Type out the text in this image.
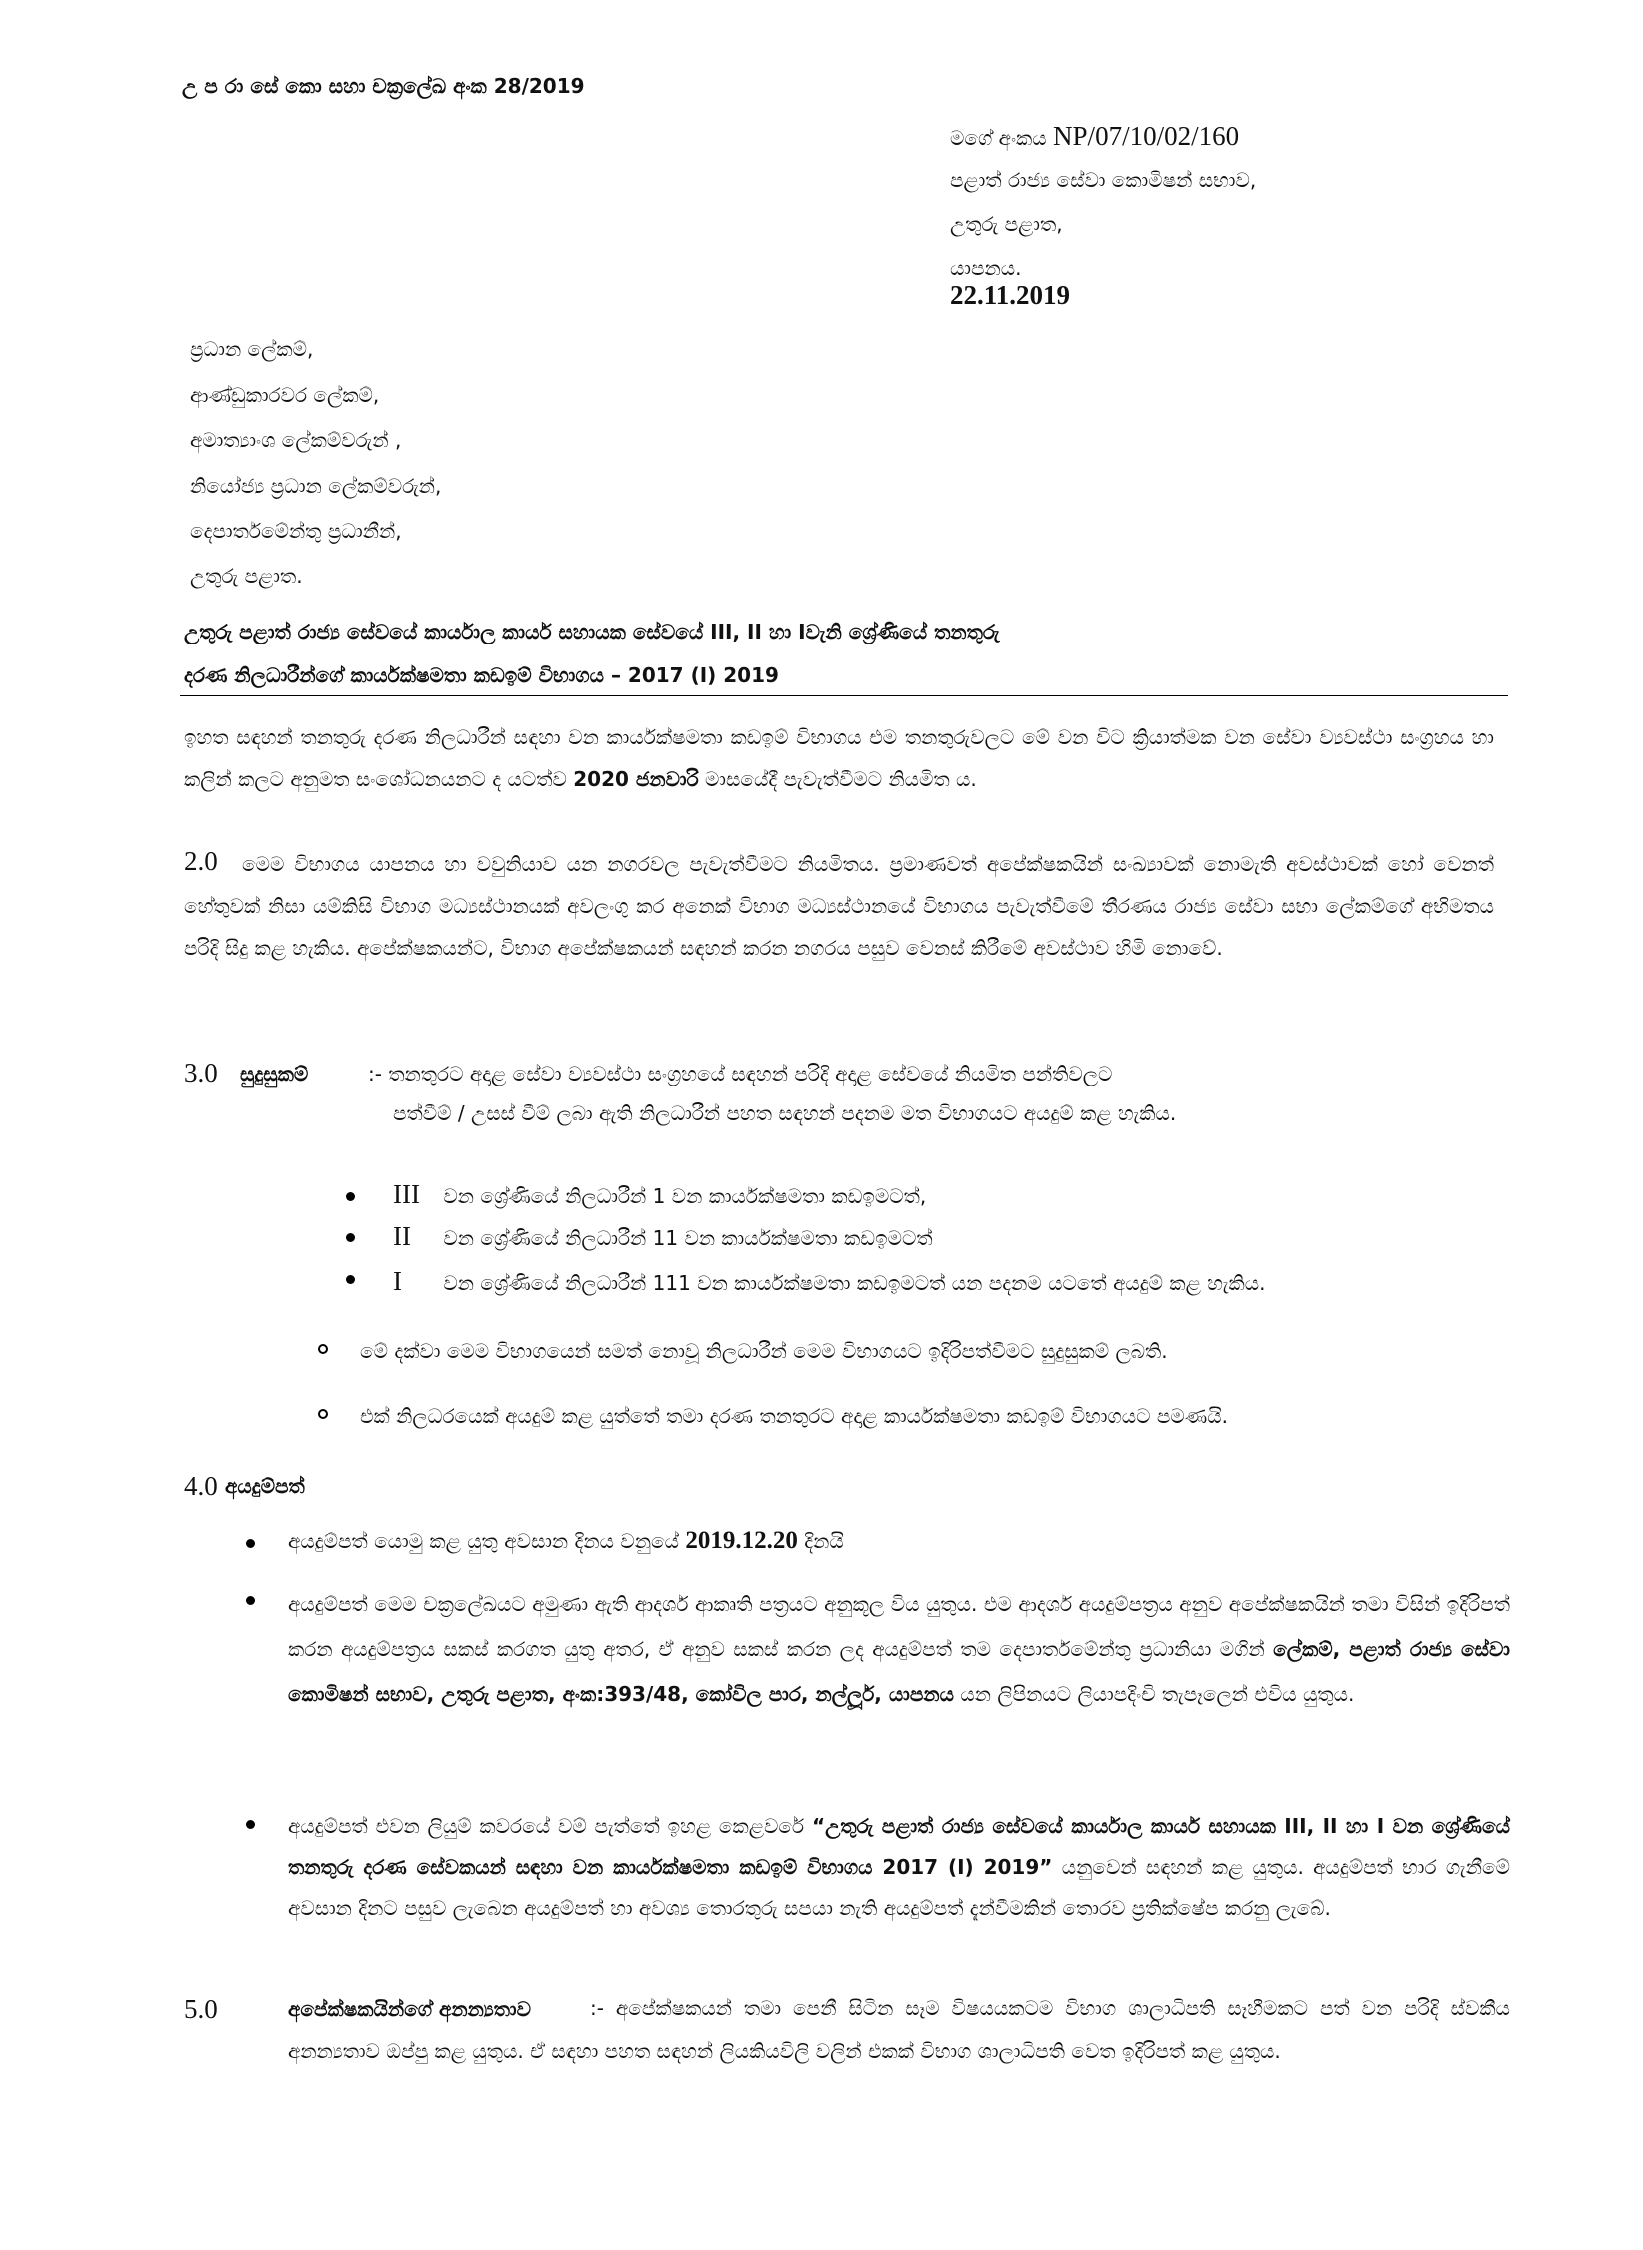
උ ප රා සේ කො සහා චක්‍රලේඛ අංක 28/2019
මගේ අංකය NP/07/10/02/160
පළාත් රාජ්‍ය සේවා කොමිෂන් සභාව,
උතුරු පළාත,
යාපනය.
22.11.2019
ප්‍රධාන ලේකම්,
ආණ්ඩුකාරවර ලේකම්,
අමාත්‍යාංශ ලේකම්වරුන් ,
නියෝජ්‍ය ප්‍රධාන ලේකම්වරුන්,
දෙපාර්තමේන්තු ප්‍රධානීන්,
උතුරු පළාත.
උතුරු පළාත් රාජ්‍ය සේවයේ කාර්යාල කාර්ය සහායක සේවයේ III, II හා Iවැනි ශ්‍රේණියේ තනතුරු
දරණ නිලධාරීන්ගේ කාර්යක්ෂමතා කඩඉම් විභාගය – 2017 (I) 2019
ඉහත සඳහන් තනතුරු දරණ නිලධාරීන් සඳහා වන කාර්යක්ෂමතා කඩඉම් විභාගය එම තනතුරුවලට මේ වන විට ක්‍රියාත්මක වන සේවා ව්‍යවස්ථා සංග්‍රහය හා කලින් කලට අනුමත සංශෝධනයනට ද යටත්ව 2020 ජනවාරි මාසයේදී පැවැත්වීමට නියමිත ය.
2.0	මෙම විභාගය යාපනය හා වවුනියාව යන නගරවල පැවැත්වීමට නියමිතය. ප්‍රමාණවත් අපේක්ෂකයින් සංඛ්‍යාවක් නොමැති අවස්ථාවක් හෝ වෙනත් හේතුවක් නිසා යම්කිසි විභාග මධ්‍යස්ථානයක් අවලංගු කර අනෙක් විභාග මධ්‍යස්ථානයේ විභාගය පැවැත්වීමේ තීරණය රාජ්‍ය සේවා සභා ලේකම්ගේ අභිමතය පරිදි සිදු කළ හැකිය. අපේක්ෂකයන්ට, විභාග අපේක්ෂකයන් සඳහන් කරන නගරය පසුව වෙනස් කිරීමේ අවස්ථාව හිමි නොවේ.
3.0 සුදුසුකම්	:- තනතුරට අදාළ සේවා ව්‍යවස්ථා සංග්‍රහයේ සඳහන් පරිදි අදාළ සේවයේ නියමිත පන්තිවලට
පත්වීම් / උසස් වීම් ලබා ඇති නිලධාරීන් පහත සඳහන් පදනම මත විභාගයට අයදුම් කළ හැකිය.
III වන ශ්‍රේණියේ නිලධාරීන් 1 වන කාර්යක්ෂමතා කඩඉමටත්,
II වන ශ්‍රේණියේ නිලධාරීන් 11 වන කාර්යක්ෂමතා කඩඉමටත්
I වන ශ්‍රේණියේ නිලධාරීන් 111 වන කාර්යක්ෂමතා කඩඉමටත් යන පදනම යටතේ අයදුම් කළ හැකිය.
මේ දක්වා මෙම විභාගයෙන් සමත් නොවූ නිලධාරීන් මෙම විභාගයට ඉදිරිපත්වීමට සුදුසුකම් ලබති.
එක් නිලධරයෙක් අයදුම් කළ යුත්තේ තමා දරණ තනතුරට අදාළ කාර්යක්ෂමතා කඩඉම් විභාගයට පමණයි.
4.0 අයදුම්පත්
අයදුම්පත් යොමු කළ යුතු අවසාන දිනය වනුයේ 2019.12.20 දිනයි
අයදුම්පත් මෙම චක්‍රලේඛයට අමුණා ඇති ආදර්ශ ආකෘති පත්‍රයට අනුකූල විය යුතුය. එම ආදර්ශ අයදුම්පත්‍රය අනුව අපේක්ෂකයින් තමා විසින් ඉදිරිපත් කරන අයදුම්පත්‍රය සකස් කරගත යුතු අතර, ඒ අනුව සකස් කරන ලද අයදුම්පත් තම දෙපාර්තමේන්තු ප්‍රධානියා මගින් ලේකම්, පළාත් රාජ්‍ය සේවා කොමිෂන් සභාව, උතුරු පළාත, අංක:393/48, කෝවිල පාර, නල්ලූර්, යාපනය යන ලිපිනයට ලියාපදිංචි තැපෑලෙන් එවිය යුතුය.
අයදුම්පත් එවන ලියුම් කවරයේ වම් පැත්තේ ඉහළ කෙළවරේ “උතුරු පළාත් රාජ්‍ය සේවයේ කාර්යාල කාර්ය සහායක III, II හා I වන ශ්‍රේණියේ තනතුරු දරණ සේවකයන් සඳහා වන කාර්යක්ෂමතා කඩඉම් විභාගය 2017 (I) 2019” යනුවෙන් සඳහන් කළ යුතුය. අයදුම්පත් භාර ගැනීමේ අවසාන දිනට පසුව ලැබෙන අයදුම්පත් හා අවශ්‍ය තොරතුරු සපයා නැති අයදුම්පත් දැන්වීමකින් තොරව ප්‍රතික්ෂේප කරනු ලැබේ.
5.0	අපේක්ෂකයින්ගේ අනන්‍යතාව	:- අපේක්ෂකයන් තමා පෙනී සිටින සෑම විෂයයකටම විභාග ශාලාධිපති සෑහීමකට පත් වන පරිදි ස්වකීය අනන්‍යතාව ඔප්පු කළ යුතුය. ඒ සඳහා පහත සඳහන් ලියකියවිලි වලින් එකක් විභාග ශාලාධිපති වෙත ඉදිරිපත් කළ යුතුය.
